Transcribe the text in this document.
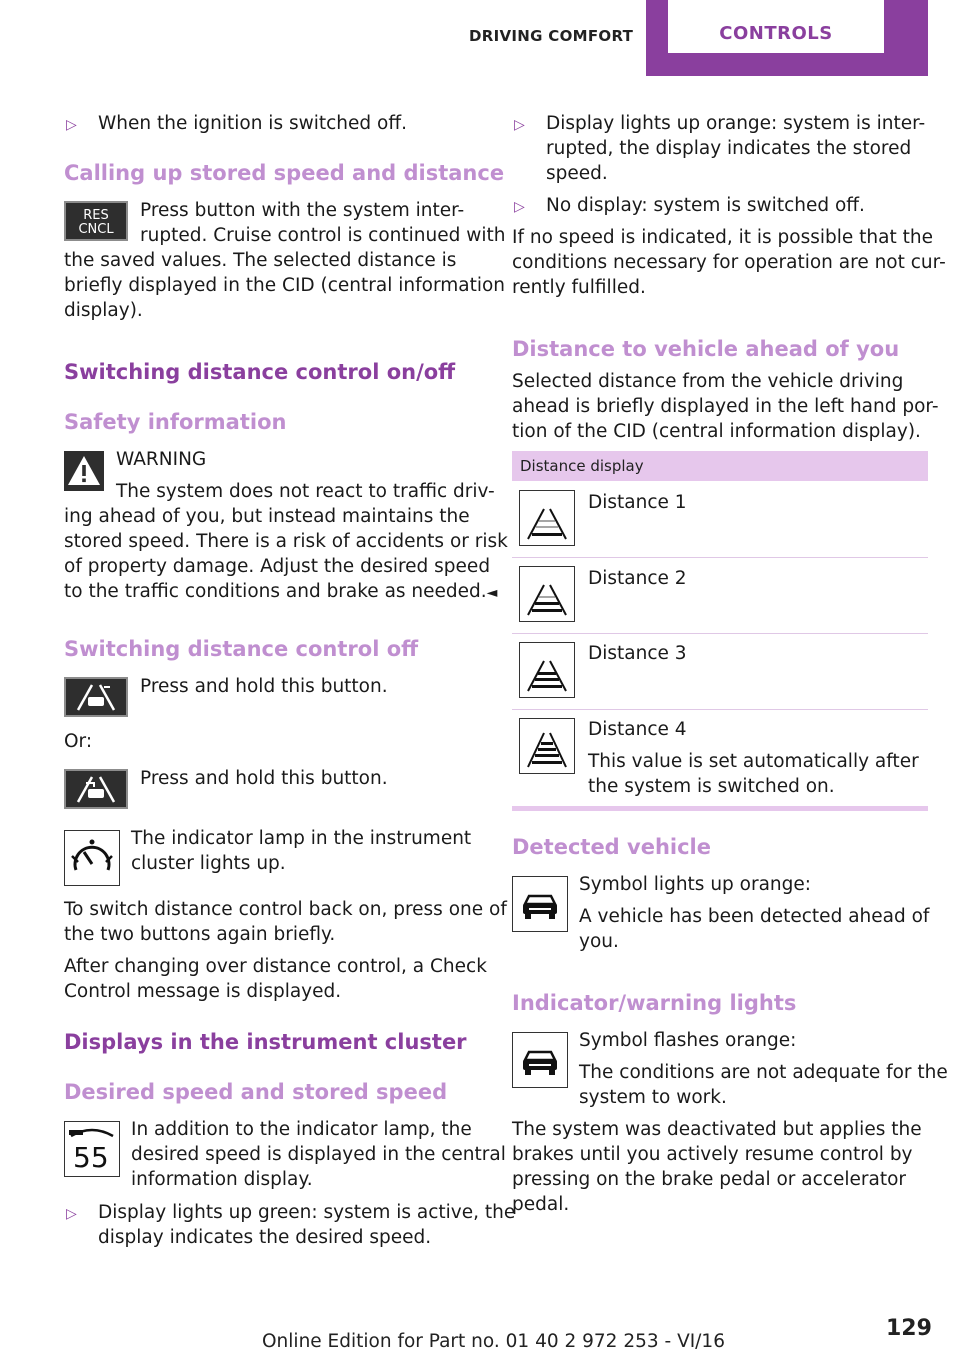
DRIVING COMFORT	CONTROLS
▷ When the ignition is switched off.
Calling up stored speed and distance
RES
CNCL
Press button with the system inter-
rupted. Cruise control is continued with
the saved values. The selected distance is
briefly displayed in the CID (central information
display).
Switching distance control on/off
Safety information
WARNING
The system does not react to traffic driv-
ing ahead of you, but instead maintains the
stored speed. There is a risk of accidents or risk
of property damage. Adjust the desired speed
to the traffic conditions and brake as needed.◄
Switching distance control off
Press and hold this button.
Or:
Press and hold this button.
The indicator lamp in the instrument
cluster lights up.
To switch distance control back on, press one of
the two buttons again briefly.
After changing over distance control, a Check
Control message is displayed.
Displays in the instrument cluster
Desired speed and stored speed
55
In addition to the indicator lamp, the
desired speed is displayed in the central
information display.
▷ Display lights up green: system is active, the
display indicates the desired speed.
▷ Display lights up orange: system is inter-
rupted, the display indicates the stored
speed.
▷ No display: system is switched off.
If no speed is indicated, it is possible that the
conditions necessary for operation are not cur-
rently fulfilled.
Distance to vehicle ahead of you
Selected distance from the vehicle driving
ahead is briefly displayed in the left hand por-
tion of the CID (central information display).
Distance display
Distance 1
Distance 2
Distance 3
Distance 4
This value is set automatically after
the system is switched on.
Detected vehicle
Symbol lights up orange:
A vehicle has been detected ahead of
you.
Indicator/warning lights
Symbol flashes orange:
The conditions are not adequate for the
system to work.
The system was deactivated but applies the
brakes until you actively resume control by
pressing on the brake pedal or accelerator
pedal.
129
Online Edition for Part no. 01 40 2 972 253 - VI/16
